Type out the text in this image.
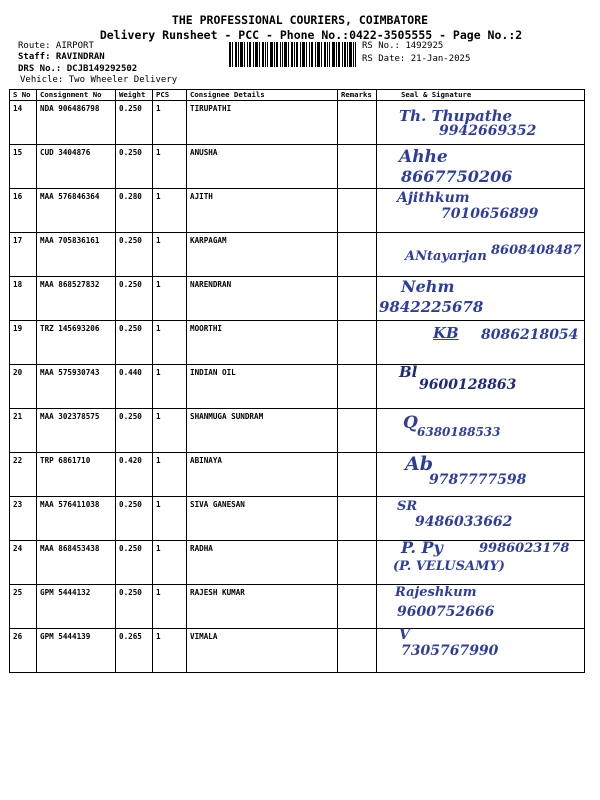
THE PROFESSIONAL COURIERS, COIMBATORE
Delivery Runsheet - PCC - Phone No.:0422-3505555 - Page No.:2
Route: AIRPORT
Staff: RAVINDRAN
DRS No.: DCJB149292502
Vehicle: Two Wheeler Delivery
RS No.: 1492925
RS Date: 21-Jan-2025
S No	Consignment No	Weight	PCS	Consignee Details	Remarks	Seal & Signature
14	NDA 906486798	0.250	1	TIRUPATHI		Th. Thupathe
9942669352

15	CUD 3404876	0.250	1	ANUSHA		Ahhe
8667750206

16	MAA 576846364	0.280	1	AJITH		Ajithkum
7010656899

17	MAA 705836161	0.250	1	KARPAGAM		ANtayarjan 8608408487

18	MAA 868527832	0.250	1	NARENDRAN		Nehm
9842225678

19	TRZ 145693206	0.250	1	MOORTHI		KB 8086218054

20	MAA 575930743	0.440	1	INDIAN OIL		Bl
9600128863

21	MAA 302378575	0.250	1	SHANMUGA SUNDRAM		Q 6380188533

22	TRP 6861710	0.420	1	ABINAYA		Ab
9787777598

23	MAA 576411038	0.250	1	SIVA GANESAN		SR
9486033662

24	MAA 868453438	0.250	1	RADHA		P. Py 9986023178
(P. VELUSAMY)

25	GPM 5444132	0.250	1	RAJESH KUMAR		Rajeshkum
9600752666

26	GPM 5444139	0.265	1	VIMALA		V
7305767990
